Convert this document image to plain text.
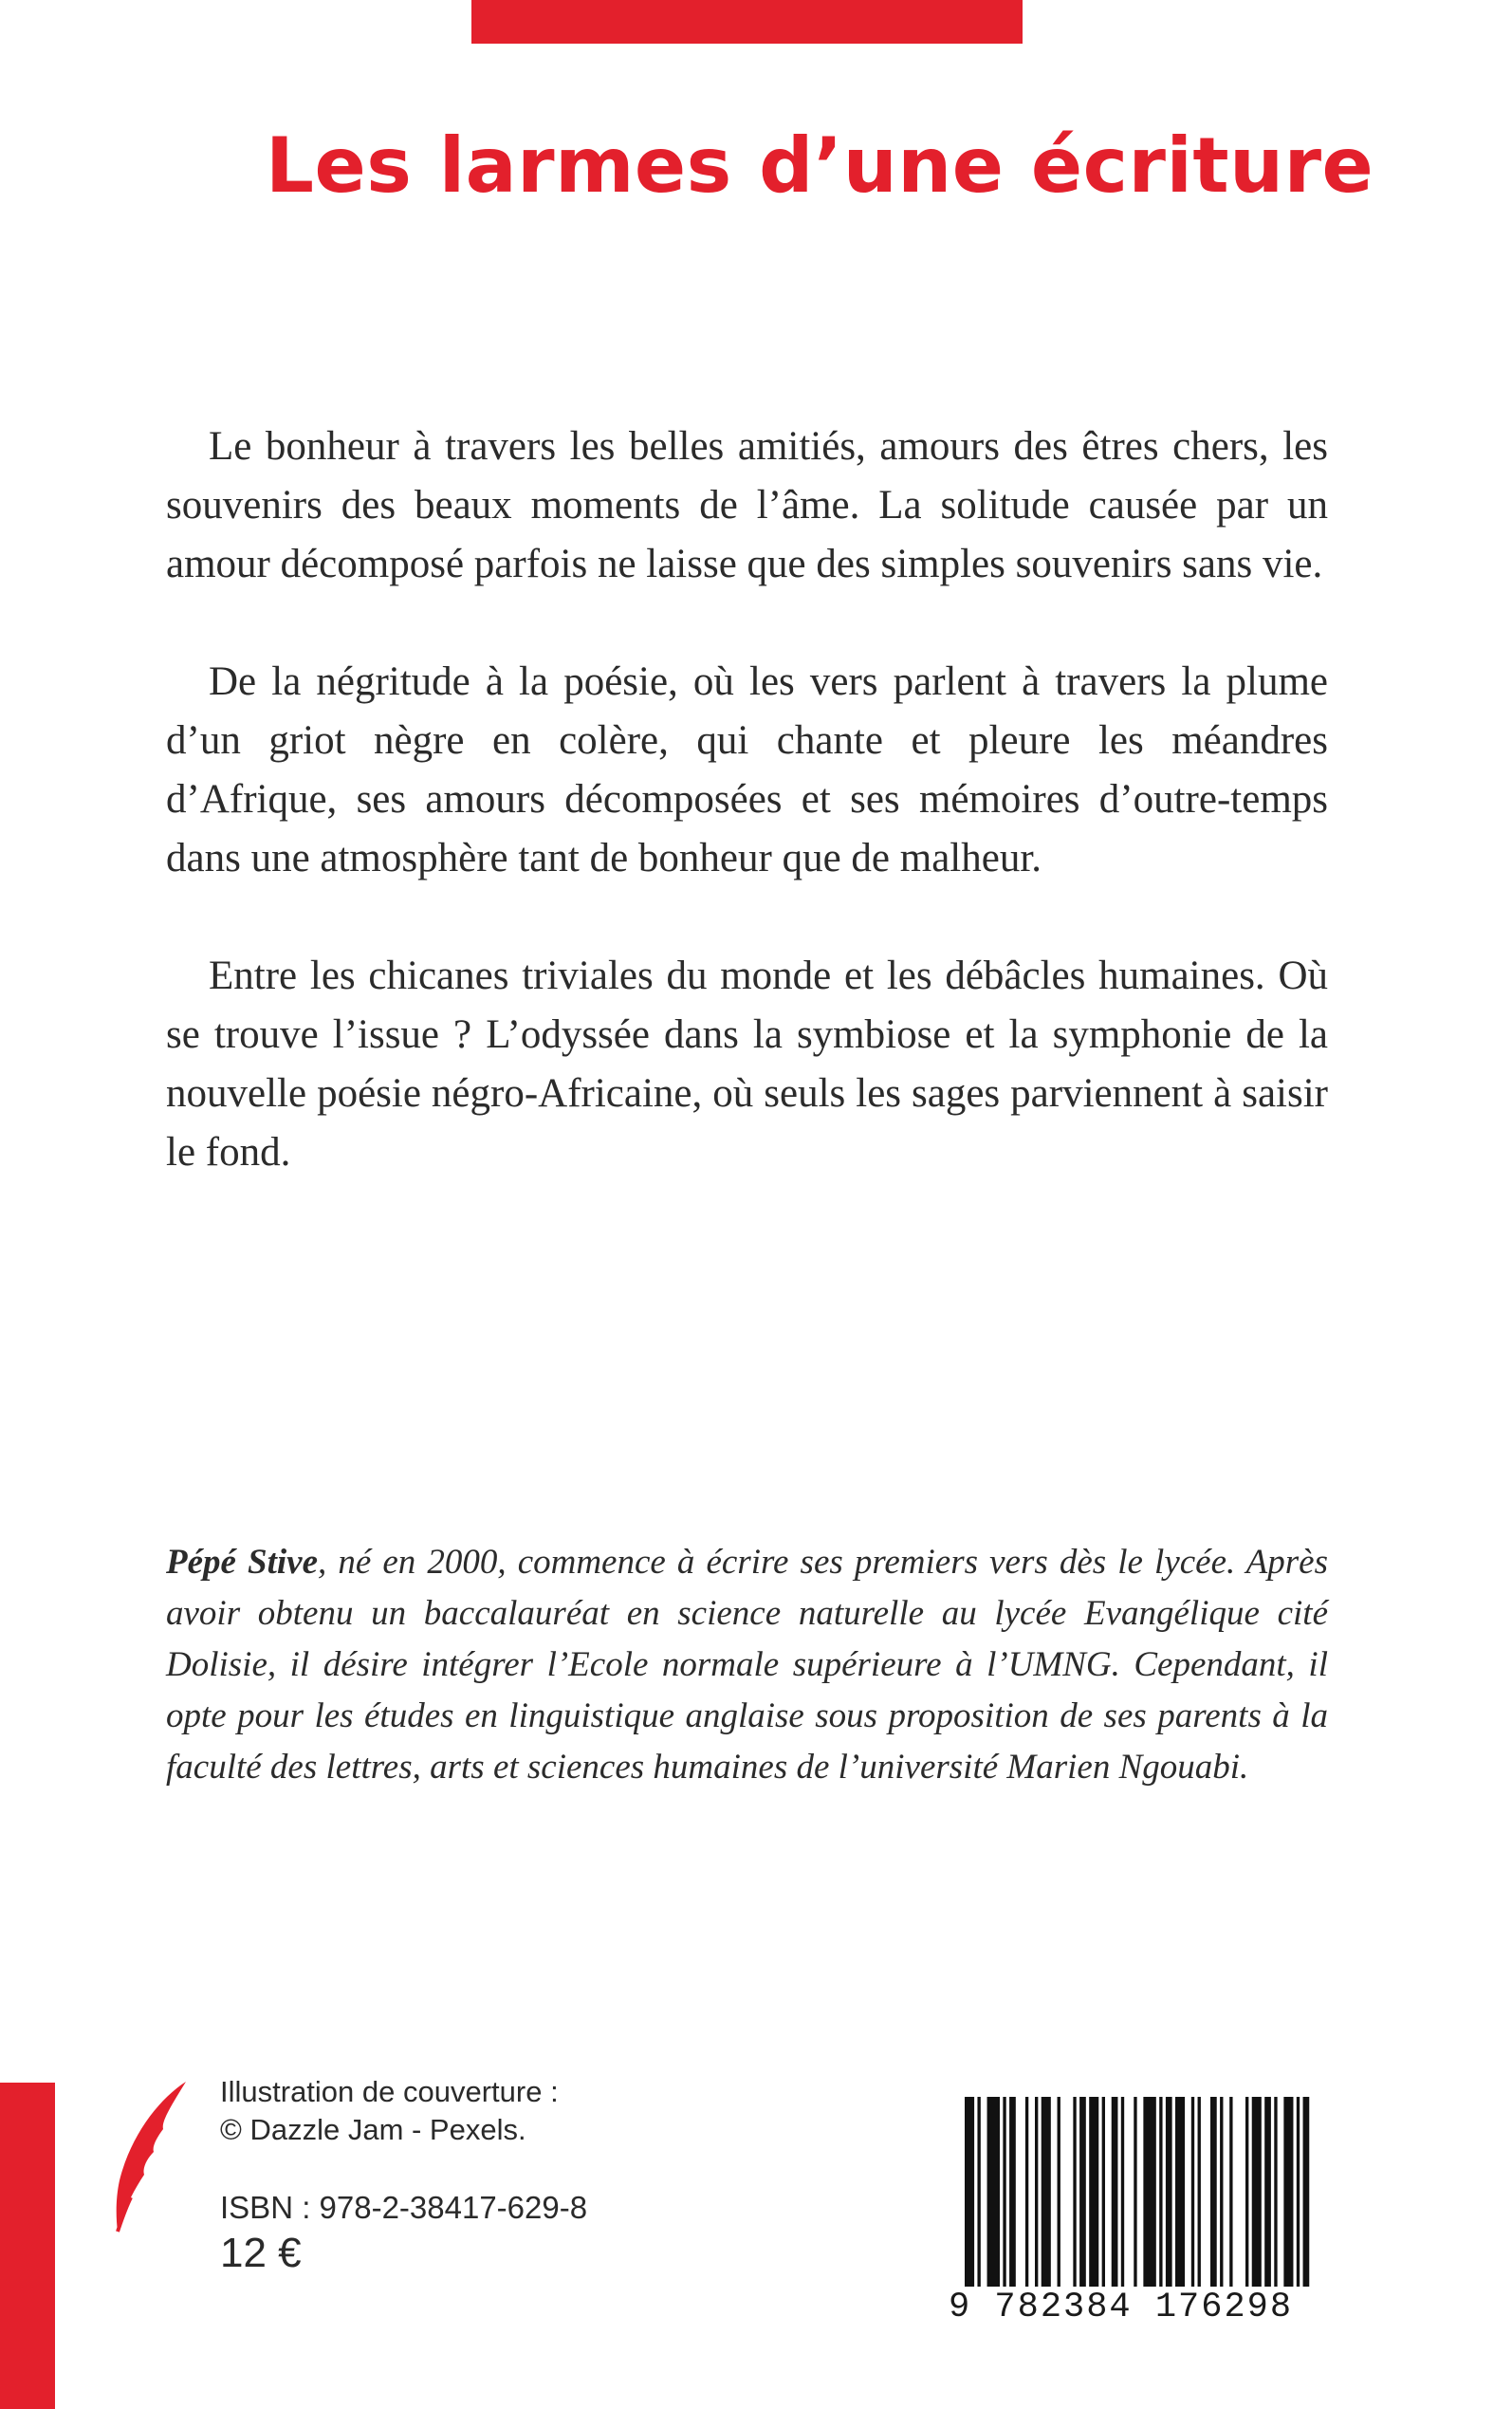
Les larmes d’une écriture

Le bonheur à travers les belles amitiés, amours des êtres chers, les souvenirs des beaux moments de l’âme. La solitude causée par un amour décomposé parfois ne laisse que des simples souvenirs sans vie.

De la négritude à la poésie, où les vers parlent à travers la plume d’un griot nègre en colère, qui chante et pleure les méandres d’Afrique, ses amours décomposées et ses mémoires d’outre-temps dans une atmosphère tant de bonheur que de malheur.

Entre les chicanes triviales du monde et les débâcles humaines. Où se trouve l’issue ? L’odyssée dans la symbiose et la symphonie de la nouvelle poésie négro-Africaine, où seuls les sages parviennent à saisir le fond.

Pépé Stive, né en 2000, commence à écrire ses premiers vers dès le lycée. Après avoir obtenu un baccalauréat en science naturelle au lycée Evangélique cité Dolisie, il désire intégrer l’Ecole normale supérieure à l’UMNG. Cependant, il opte pour les études en linguistique anglaise sous proposition de ses parents à la faculté des lettres, arts et sciences humaines de l’université Marien Ngouabi.

Illustration de couverture :
© Dazzle Jam - Pexels.
ISBN : 978-2-38417-629-8
12 €
9 782384 176298
